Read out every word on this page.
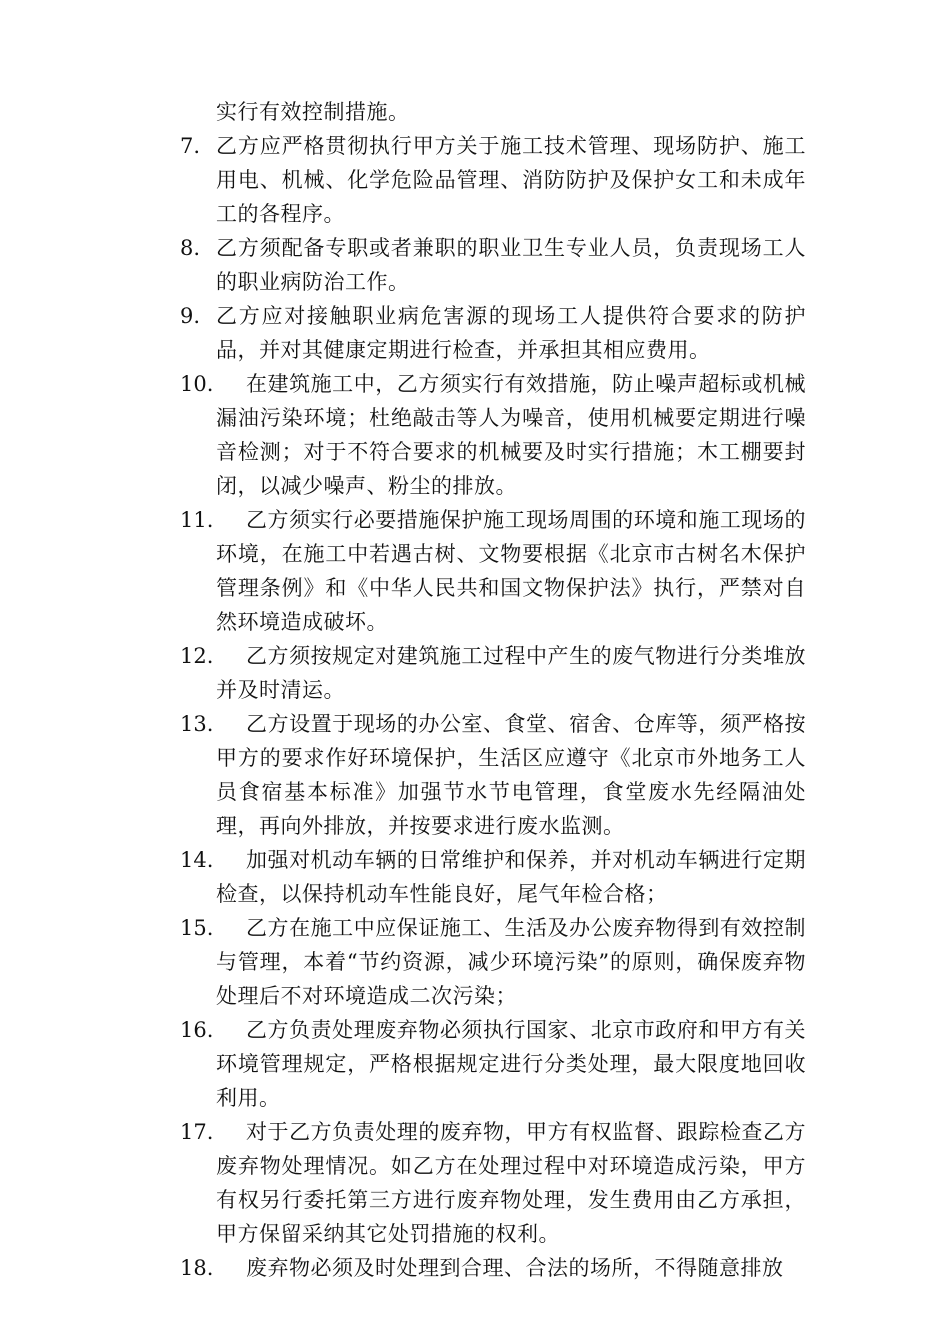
实行有效控制措施。
7. 乙方应严格贯彻执行甲方关于施工技术管理、现场防护、施工用电、机械、化学危险品管理、消防防护及保护女工和未成年工的各程序。
8. 乙方须配备专职或者兼职的职业卫生专业人员，负责现场工人的职业病防治工作。
9. 乙方应对接触职业病危害源的现场工人提供符合要求的防护品，并对其健康定期进行检查，并承担其相应费用。
10.	在建筑施工中，乙方须实行有效措施，防止噪声超标或机械漏油污染环境；杜绝敲击等人为噪音，使用机械要定期进行噪音检测；对于不符合要求的机械要及时实行措施；木工棚要封闭，以减少噪声、粉尘的排放。
11.	乙方须实行必要措施保护施工现场周围的环境和施工现场的环境，在施工中若遇古树、文物要根据《北京市古树名木保护管理条例》和《中华人民共和国文物保护法》执行，严禁对自然环境造成破坏。
12.	乙方须按规定对建筑施工过程中产生的废气物进行分类堆放并及时清运。
13.	乙方设置于现场的办公室、食堂、宿舍、仓库等，须严格按甲方的要求作好环境保护，生活区应遵守《北京市外地务工人员食宿基本标准》加强节水节电管理，食堂废水先经隔油处理，再向外排放，并按要求进行废水监测。
14.	加强对机动车辆的日常维护和保养，并对机动车辆进行定期检查，以保持机动车性能良好，尾气年检合格；
15.	乙方在施工中应保证施工、生活及办公废弃物得到有效控制与管理，本着“节约资源，减少环境污染”的原则，确保废弃物处理后不对环境造成二次污染；
16.	乙方负责处理废弃物必须执行国家、北京市政府和甲方有关环境管理规定，严格根据规定进行分类处理，最大限度地回收利用。
17.	对于乙方负责处理的废弃物，甲方有权监督、跟踪检查乙方废弃物处理情况。如乙方在处理过程中对环境造成污染，甲方有权另行委托第三方进行废弃物处理，发生费用由乙方承担，甲方保留采纳其它处罚措施的权利。
18.	废弃物必须及时处理到合理、合法的场所，不得随意排放
